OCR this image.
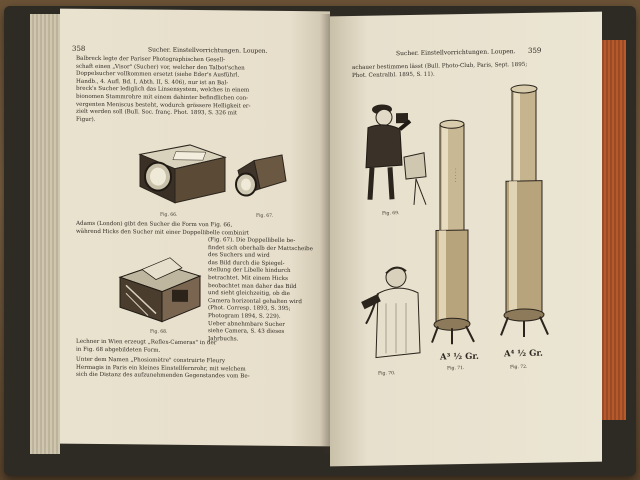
358	Sucher. Einstellvorrichtungen. Loupen.
Balbreck legte der Pariser Photographischen Gesell-
schaft einen „Visor" (Sucher) vor, welcher den Talbot'schen
Doppelsucher vollkommen ersetzt (siehe Eder's Ausführl.
Handb., 4. Aufl. Bd. I, Abth. II, S. 406), nur ist an Bal-
breck's Sucher lediglich das Linsensystem, welches in einem
bionomen Stammrohre mit einem dahinter befindlichen con-
vergenten Meniscus besteht, wodurch grössere Helligkeit er-
zielt werden soll (Bull. Soc. franç. Phot. 1893, S. 326 mit
Figur).
Fig. 66.	Fig. 67.
Adams (London) gibt den Sucher die Form von Fig. 66,
während Hicks den Sucher mit einer Doppellibelle combinirt
(Fig. 67). Die Doppellibelle be-
findet sich oberhalb der Mattscheibe
des Suchers und wird
das Bild durch die Spiegel-
stellung der Libelle hindurch
betrachtet. Mit einem Hicks
beobachtet man daher das Bild
und sieht gleichzeitig, ob die
Camera horizontal gehalten wird
(Phot. Corresp. 1893, S. 395;
Photogram 1894, S. 229).
Ueber abnehmbare Sucher
siehe Camera, S. 43 dieses
Jahrbuchs.
Fig. 68.
Lechner in Wien erzeugt „Reflex-Cameras" in der
in Fig. 68 abgebildeten Form.
Unter dem Namen „Phosiomètre" construirte Fleury
Hermagis in Paris ein kleines Einstellfernrohr, mit welchem
sich die Distanz des aufzunehmenden Gegenstandes vom Be-
Sucher. Einstellvorrichtungen. Loupen. 359
achauer bestimmen lässt (Bull. Photo-Club, Paris, Sept. 1895;
Phot. Centralbl. 1895, S. 11).
Fig. 69.
Fig. 70.
· · · · ·
A³ ½ Gr.
Fig. 71.
A⁴ ½ Gr.
Fig. 72.
